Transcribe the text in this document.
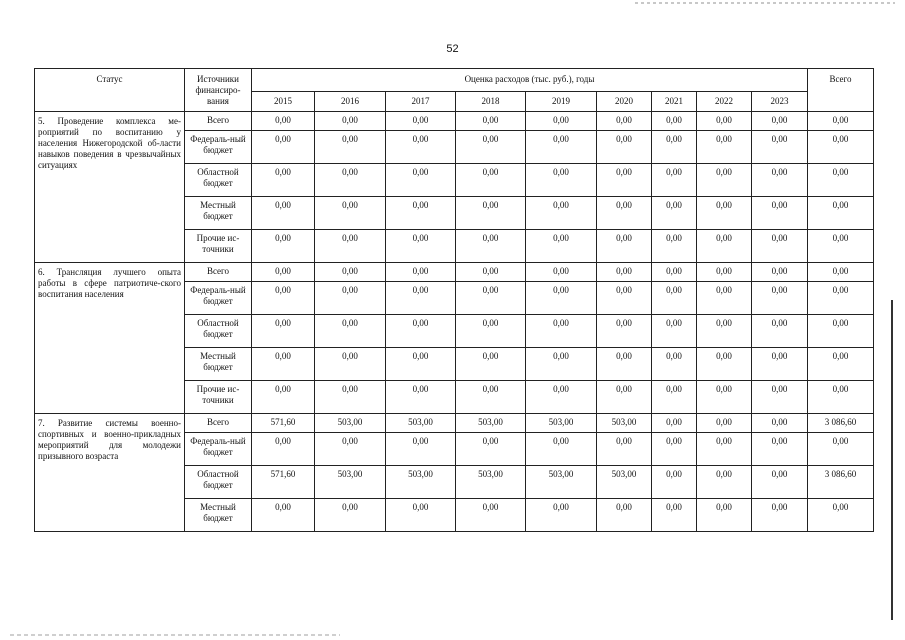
52
Статус	Источники финансиро-вания	Оценка расходов (тыс. руб.), годы									Всего
		2015	2016	2017	2018	2019	2020	2021	2022	2023	
5. Проведение комплекса ме-роприятий по воспитанию у населения Нижегородской об-ласти навыков поведения в чрезвычайных ситуациях	Всего	0,00	0,00	0,00	0,00	0,00	0,00	0,00	0,00	0,00	0,00
	Федераль-ный бюджет	0,00	0,00	0,00	0,00	0,00	0,00	0,00	0,00	0,00	0,00
	Областной бюджет	0,00	0,00	0,00	0,00	0,00	0,00	0,00	0,00	0,00	0,00
	Местный бюджет	0,00	0,00	0,00	0,00	0,00	0,00	0,00	0,00	0,00	0,00
	Прочие ис-точники	0,00	0,00	0,00	0,00	0,00	0,00	0,00	0,00	0,00	0,00
6. Трансляция лучшего опыта работы в сфере патриотиче-ского воспитания населения	Всего	0,00	0,00	0,00	0,00	0,00	0,00	0,00	0,00	0,00	0,00
	Федераль-ный бюджет	0,00	0,00	0,00	0,00	0,00	0,00	0,00	0,00	0,00	0,00
	Областной бюджет	0,00	0,00	0,00	0,00	0,00	0,00	0,00	0,00	0,00	0,00
	Местный бюджет	0,00	0,00	0,00	0,00	0,00	0,00	0,00	0,00	0,00	0,00
	Прочие ис-точники	0,00	0,00	0,00	0,00	0,00	0,00	0,00	0,00	0,00	0,00
7. Развитие системы военно-спортивных и военно-прикладных мероприятий для молодежи призывного возраста	Всего	571,60	503,00	503,00	503,00	503,00	503,00	0,00	0,00	0,00	3 086,60
	Федераль-ный бюджет	0,00	0,00	0,00	0,00	0,00	0,00	0,00	0,00	0,00	0,00
	Областной бюджет	571,60	503,00	503,00	503,00	503,00	503,00	0,00	0,00	0,00	3 086,60
	Местный бюджет	0,00	0,00	0,00	0,00	0,00	0,00	0,00	0,00	0,00	0,00
